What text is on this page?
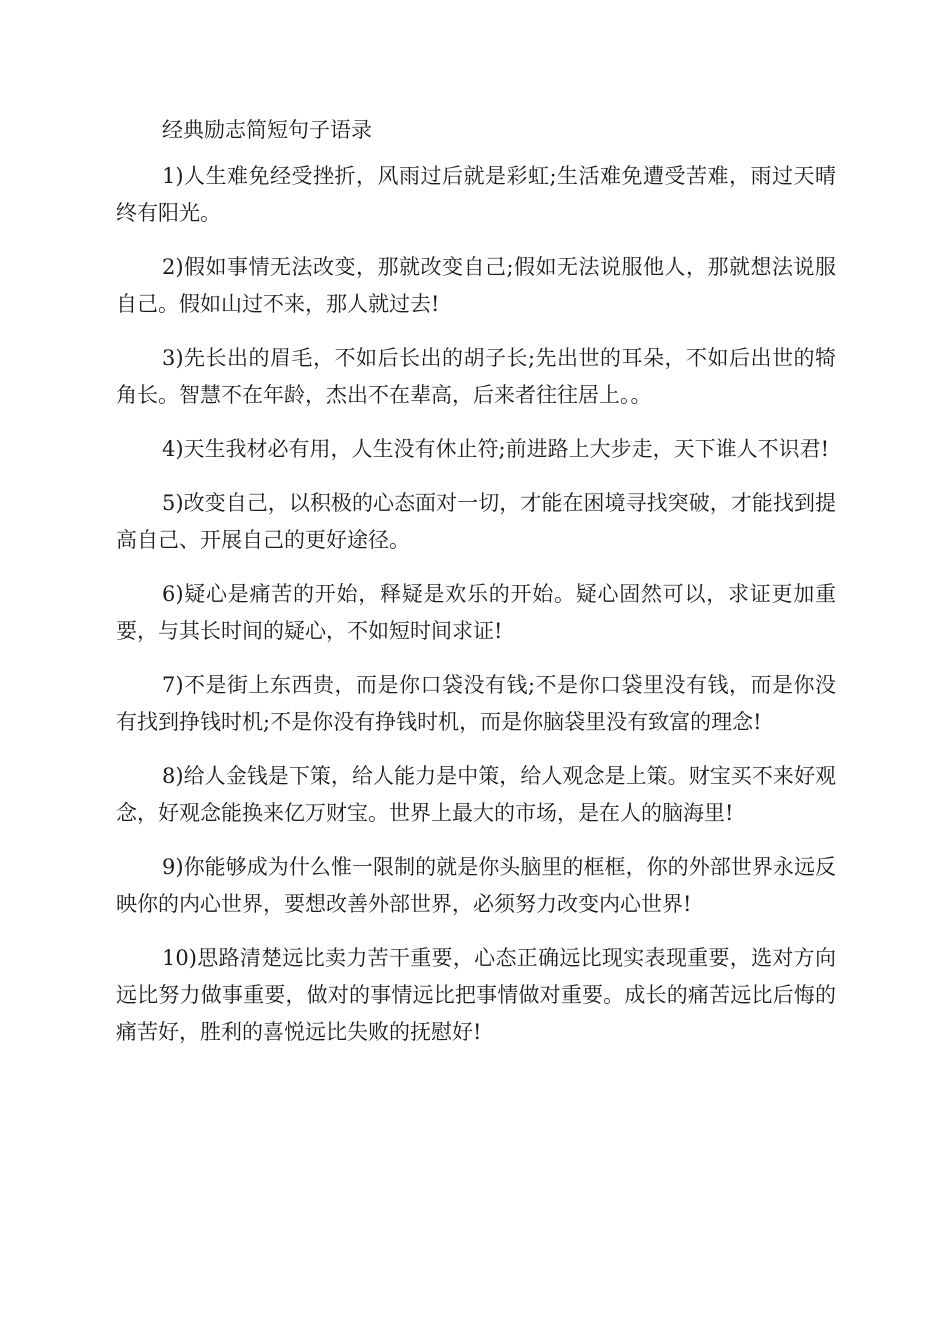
经典励志简短句子语录

1)人生难免经受挫折，风雨过后就是彩虹;生活难免遭受苦难，雨过天晴终有阳光。

2)假如事情无法改变，那就改变自己;假如无法说服他人，那就想法说服自己。假如山过不来，那人就过去!

3)先长出的眉毛，不如后长出的胡子长;先出世的耳朵，不如后出世的犄角长。智慧不在年龄，杰出不在辈高，后来者往往居上。。

4)天生我材必有用，人生没有休止符;前进路上大步走，天下谁人不识君!

5)改变自己，以积极的心态面对一切，才能在困境寻找突破，才能找到提高自己、开展自己的更好途径。

6)疑心是痛苦的开始，释疑是欢乐的开始。疑心固然可以，求证更加重要，与其长时间的疑心，不如短时间求证!

7)不是街上东西贵，而是你口袋没有钱;不是你口袋里没有钱，而是你没有找到挣钱时机;不是你没有挣钱时机，而是你脑袋里没有致富的理念!

8)给人金钱是下策，给人能力是中策，给人观念是上策。财宝买不来好观念，好观念能换来亿万财宝。世界上最大的市场，是在人的脑海里!

9)你能够成为什么惟一限制的就是你头脑里的框框，你的外部世界永远反映你的内心世界，要想改善外部世界，必须努力改变内心世界!

10)思路清楚远比卖力苦干重要，心态正确远比现实表现重要，选对方向远比努力做事重要，做对的事情远比把事情做对重要。成长的痛苦远比后悔的痛苦好，胜利的喜悦远比失败的抚慰好!
